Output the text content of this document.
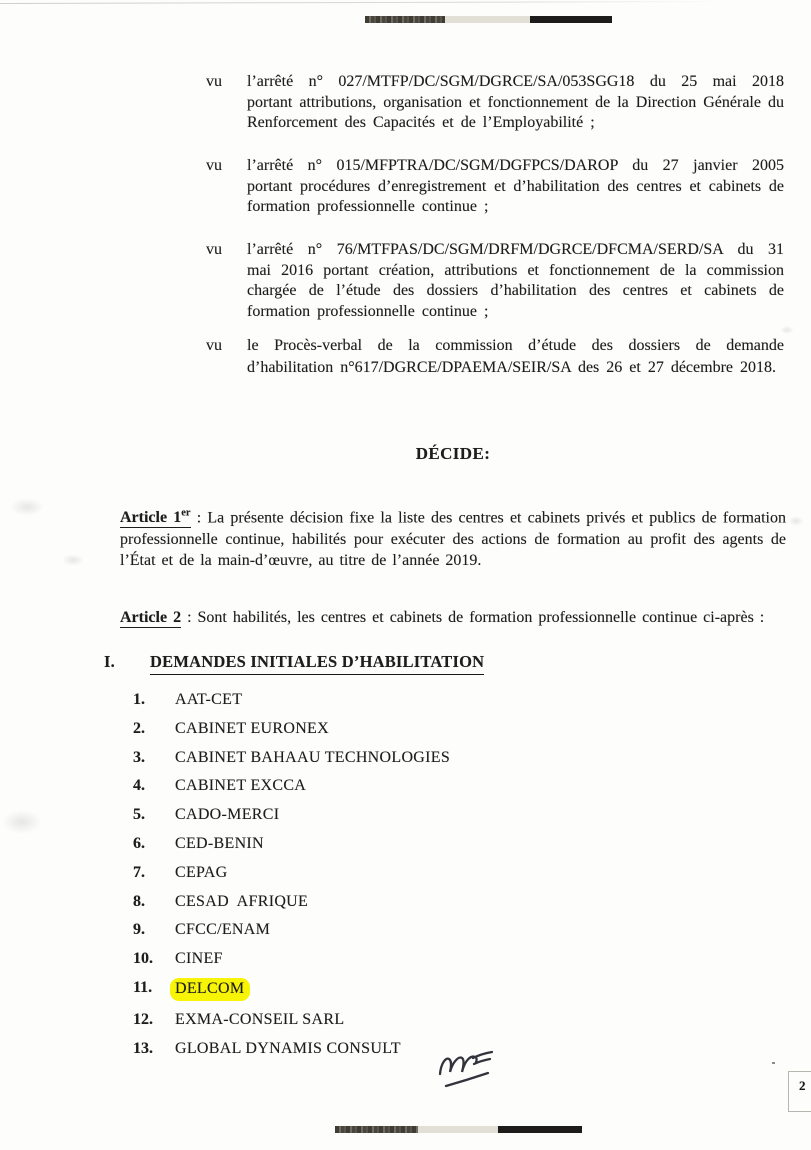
vu	l’arrêté n° 027/MTFP/DC/SGM/DGRCE/SA/053SGG18 du 25 mai 2018 portant attributions, organisation et fonctionnement de la Direction Générale du Renforcement des Capacités et de l’Employabilité ;
vu	l’arrêté n° 015/MFPTRA/DC/SGM/DGFPCS/DAROP du 27 janvier 2005 portant procédures d’enregistrement et d’habilitation des centres et cabinets de formation professionnelle continue ;
vu	l’arrêté n° 76/MTFPAS/DC/SGM/DRFM/DGRCE/DFCMA/SERD/SA du 31 mai 2016 portant création, attributions et fonctionnement de la commission chargée de l’étude des dossiers d’habilitation des centres et cabinets de formation professionnelle continue ;
vu	le Procès-verbal de la commission d’étude des dossiers de demande d’habilitation n°617/DGRCE/DPAEMA/SEIR/SA des 26 et 27 décembre 2018.
DÉCIDE:

Article 1er : La présente décision fixe la liste des centres et cabinets privés et publics de formation professionnelle continue, habilités pour exécuter des actions de formation au profit des agents de l’État et de la main-d’œuvre, au titre de l’année 2019.

Article 2 : Sont habilités, les centres et cabinets de formation professionnelle continue ci-après :

I.	DEMANDES INITIALES D’HABILITATION
1.	AAT-CET
2.	CABINET EURONEX
3.	CABINET BAHAAU TECHNOLOGIES
4.	CABINET EXCCA
5.	CADO-MERCI
6.	CED-BENIN
7.	CEPAG
8.	CESAD  AFRIQUE
9.	CFCC/ENAM
10.	CINEF
11.	DELCOM
12.	EXMA-CONSEIL SARL
13.	GLOBAL DYNAMIS CONSULT
2
